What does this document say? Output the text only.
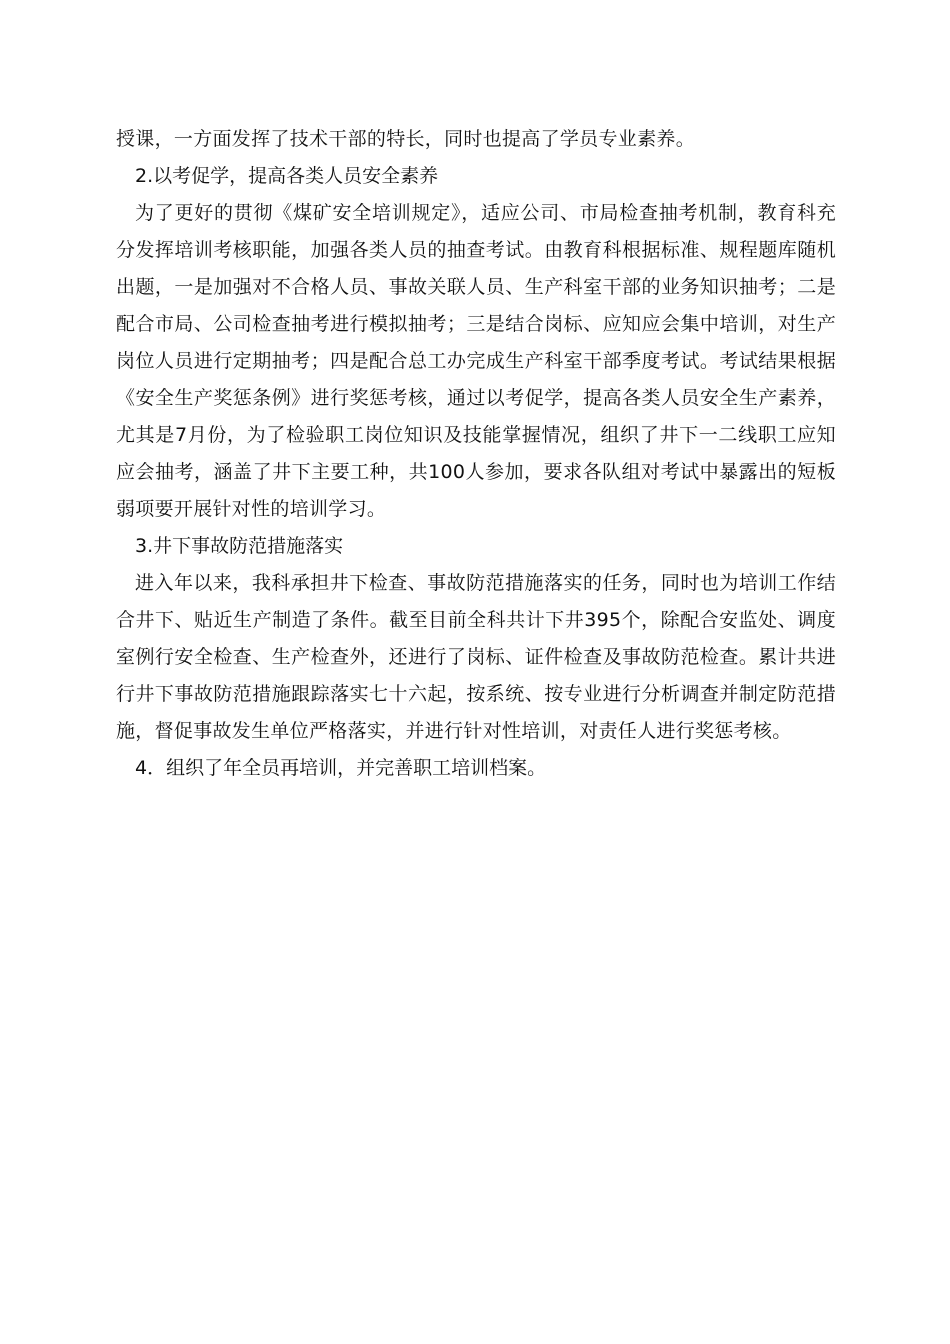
授课，一方面发挥了技术干部的特长，同时也提高了学员专业素养。

2.以考促学，提高各类人员安全素养

为了更好的贯彻《煤矿安全培训规定》，适应公司、市局检查抽考机制，教育科充分发挥培训考核职能，加强各类人员的抽查考试。由教育科根据标准、规程题库随机出题，一是加强对不合格人员、事故关联人员、生产科室干部的业务知识抽考；二是配合市局、公司检查抽考进行模拟抽考；三是结合岗标、应知应会集中培训，对生产岗位人员进行定期抽考；四是配合总工办完成生产科室干部季度考试。考试结果根据《安全生产奖惩条例》进行奖惩考核，通过以考促学，提高各类人员安全生产素养，尤其是7月份，为了检验职工岗位知识及技能掌握情况，组织了井下一二线职工应知应会抽考，涵盖了井下主要工种，共100人参加，要求各队组对考试中暴露出的短板弱项要开展针对性的培训学习。

3.井下事故防范措施落实

进入年以来，我科承担井下检查、事故防范措施落实的任务，同时也为培训工作结合井下、贴近生产制造了条件。截至目前全科共计下井395个，除配合安监处、调度室例行安全检查、生产检查外，还进行了岗标、证件检查及事故防范检查。累计共进行井下事故防范措施跟踪落实七十六起，按系统、按专业进行分析调查并制定防范措施，督促事故发生单位严格落实，并进行针对性培训，对责任人进行奖惩考核。

4．组织了年全员再培训，并完善职工培训档案。
